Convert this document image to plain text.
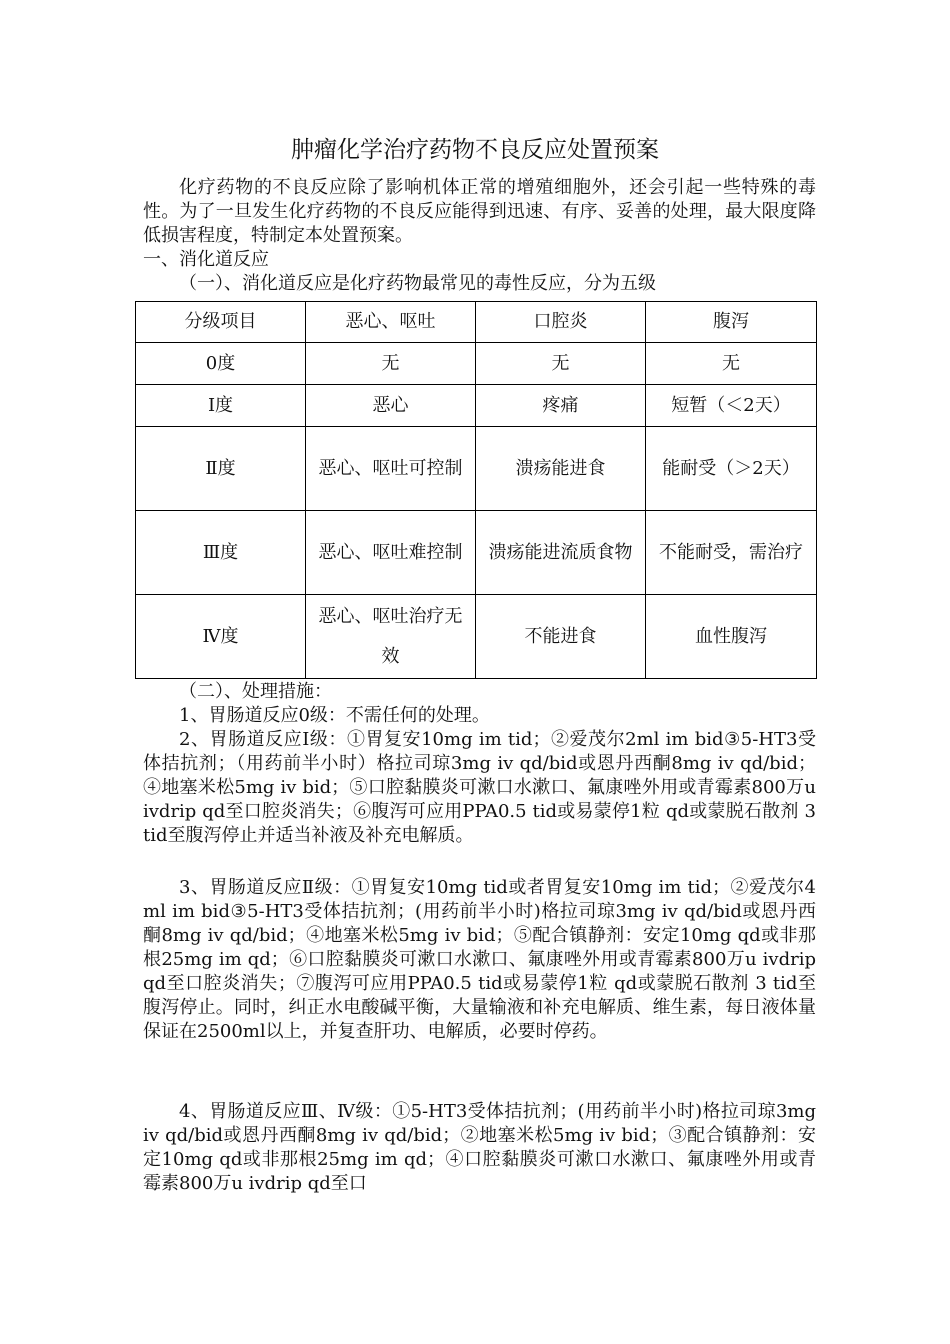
肿瘤化学治疗药物不良反应处置预案

化疗药物的不良反应除了影响机体正常的增殖细胞外，还会引起一些特殊的毒性。为了一旦发生化疗药物的不良反应能得到迅速、有序、妥善的处理，最大限度降低损害程度，特制定本处置预案。

一、消化道反应

（一）、消化道反应是化疗药物最常见的毒性反应，分为五级

分级项目	恶心、呕吐	口腔炎	腹泻
0度	无	无	无
Ⅰ度	恶心	疼痛	短暂（＜2天）
Ⅱ度	恶心、呕吐可控制	溃疡能进食	能耐受（＞2天）
Ⅲ度	恶心、呕吐难控制	溃疡能进流质食物	不能耐受，需治疗
Ⅳ度	恶心、呕吐治疗无效	不能进食	血性腹泻

（二）、处理措施：

1、胃肠道反应0级：不需任何的处理。

2、胃肠道反应Ⅰ级：①胃复安10mg im tid；②爱茂尔2ml im bid③5-HT3受体拮抗剂；（用药前半小时）格拉司琼3mg iv qd/bid或恩丹西酮8mg iv qd/bid；④地塞米松5mg iv bid；⑤口腔黏膜炎可漱口水漱口、氟康唑外用或青霉素800万u ivdrip qd至口腔炎消失；⑥腹泻可应用PPA0.5 tid或易蒙停1粒 qd或蒙脱石散剂 3 tid至腹泻停止并适当补液及补充电解质。

3、胃肠道反应Ⅱ级：①胃复安10mg tid或者胃复安10mg im tid；②爱茂尔4ml im bid③5-HT3受体拮抗剂；(用药前半小时)格拉司琼3mg iv qd/bid或恩丹西酮8mg iv qd/bid；④地塞米松5mg iv bid；⑤配合镇静剂：安定10mg qd或非那根25mg im qd；⑥口腔黏膜炎可漱口水漱口、氟康唑外用或青霉素800万u ivdrip qd至口腔炎消失；⑦腹泻可应用PPA0.5 tid或易蒙停1粒 qd或蒙脱石散剂 3 tid至腹泻停止。同时，纠正水电酸碱平衡，大量输液和补充电解质、维生素，每日液体量保证在2500ml以上，并复查肝功、电解质，必要时停药。

4、胃肠道反应Ⅲ、Ⅳ级：①5-HT3受体拮抗剂；(用药前半小时)格拉司琼3mg iv qd/bid或恩丹西酮8mg iv qd/bid；②地塞米松5mg iv bid；③配合镇静剂：安定10mg qd或非那根25mg im qd；④口腔黏膜炎可漱口水漱口、氟康唑外用或青霉素800万u ivdrip qd至口
